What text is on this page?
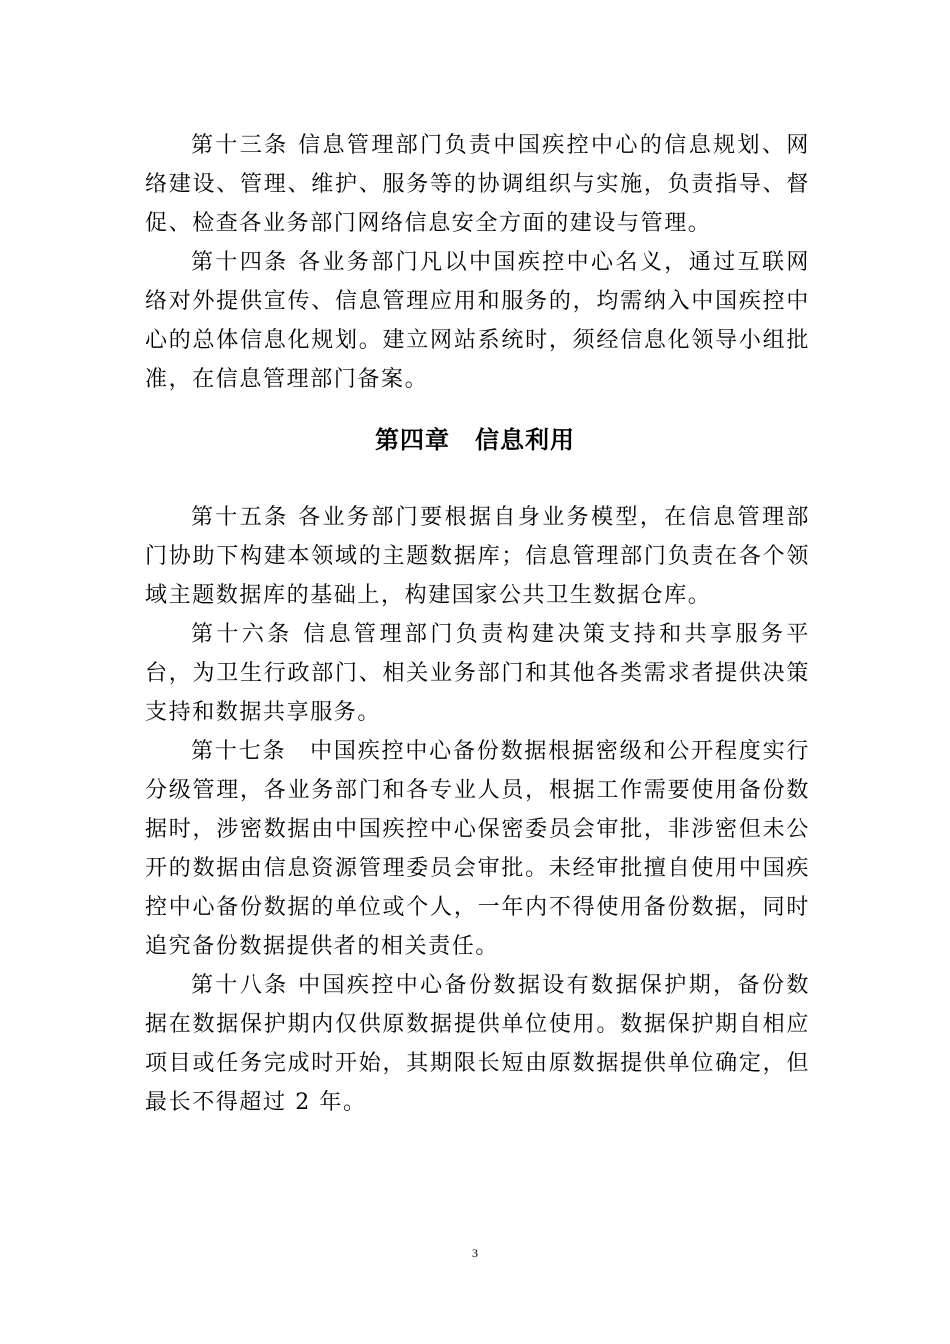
第十三条 信息管理部门负责中国疾控中心的信息规划、网络建设、管理、维护、服务等的协调组织与实施，负责指导、督促、检查各业务部门网络信息安全方面的建设与管理。

第十四条 各业务部门凡以中国疾控中心名义，通过互联网络对外提供宣传、信息管理应用和服务的，均需纳入中国疾控中心的总体信息化规划。建立网站系统时，须经信息化领导小组批准，在信息管理部门备案。

第四章　信息利用

第十五条 各业务部门要根据自身业务模型，在信息管理部门协助下构建本领域的主题数据库；信息管理部门负责在各个领域主题数据库的基础上，构建国家公共卫生数据仓库。

第十六条 信息管理部门负责构建决策支持和共享服务平台，为卫生行政部门、相关业务部门和其他各类需求者提供决策支持和数据共享服务。

第十七条　中国疾控中心备份数据根据密级和公开程度实行分级管理，各业务部门和各专业人员，根据工作需要使用备份数据时，涉密数据由中国疾控中心保密委员会审批，非涉密但未公开的数据由信息资源管理委员会审批。未经审批擅自使用中国疾控中心备份数据的单位或个人，一年内不得使用备份数据，同时追究备份数据提供者的相关责任。

第十八条 中国疾控中心备份数据设有数据保护期，备份数据在数据保护期内仅供原数据提供单位使用。数据保护期自相应项目或任务完成时开始，其期限长短由原数据提供单位确定，但最长不得超过 2 年。

3
